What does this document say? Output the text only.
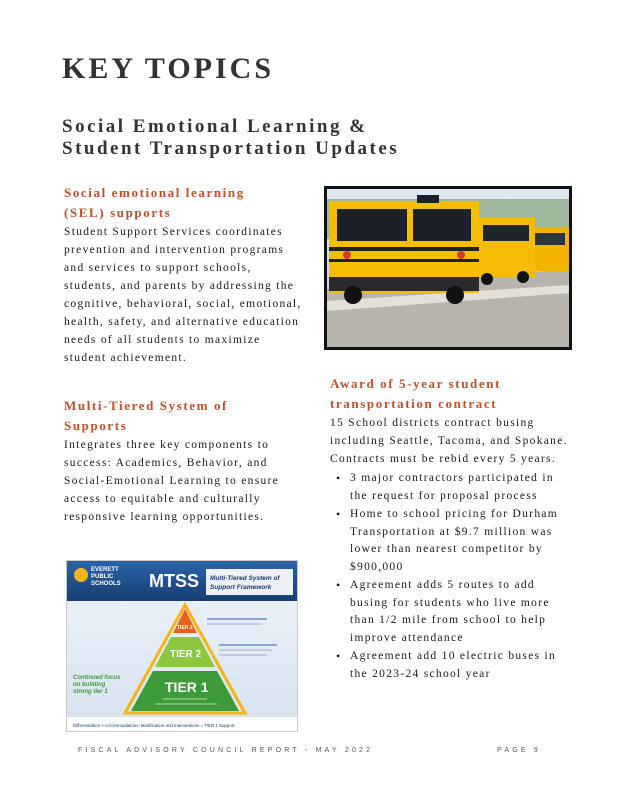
KEY TOPICS
Social Emotional Learning &
Student Transportation Updates
Social emotional learning
(SEL) supports

Student Support Services coordinates prevention and intervention programs and services to support schools, students, and parents by addressing the cognitive, behavioral, social, emotional, health, safety, and alternative education needs of all students to maximize student achievement.

Multi-Tiered System of
Supports

Integrates three key components to success: Academics, Behavior, and Social-Emotional Learning to ensure access to equitable and culturally responsive learning opportunities.

EVERETT
PUBLIC
SCHOOLS MTSS Multi-Tiered System of
Support Framework
TIER 3
TIER 2
TIER 1
Continued focus
on building
strong tier 1
Differentiation + Accommodations, Modification and Interventions = TIER 1 Support
Award of 5-year student
transportation contract

15 School districts contract busing including Seattle, Tacoma, and Spokane. Contracts must be rebid every 5 years.

• 3 major contractors participated in the request for proposal process
• Home to school pricing for Durham Transportation at $9.7 million was lower than nearest competitor by $900,000
• Agreement adds 5 routes to add busing for students who live more than 1/2 mile from school to help improve attendance
• Agreement add 10 electric buses in the 2023-24 school year
FISCAL ADVISORY COUNCIL REPORT - MAY 2022	PAGE 9
